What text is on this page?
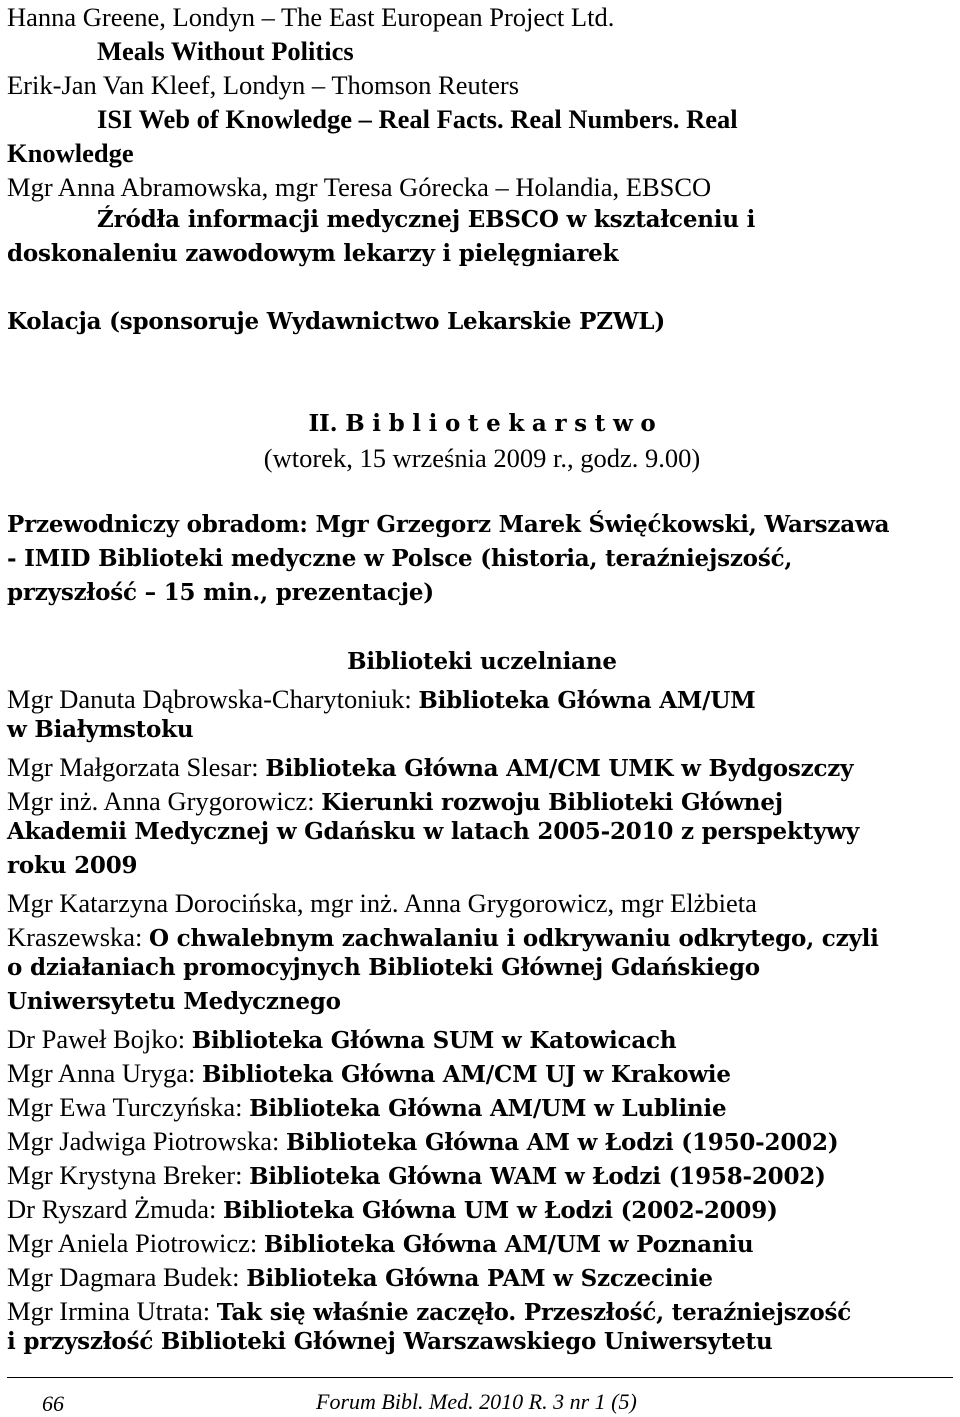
Hanna Greene, Londyn – The East European Project Ltd.
Meals Without Politics
Erik-Jan Van Kleef, Londyn – Thomson Reuters
ISI Web of Knowledge – Real Facts. Real Numbers. Real
Knowledge
Mgr Anna Abramowska, mgr Teresa Górecka – Holandia, EBSCO
Źródła informacji medycznej EBSCO w kształceniu i
doskonaleniu zawodowym lekarzy i pielęgniarek
Kolacja (sponsoruje Wydawnictwo Lekarskie PZWL)
II. B i b l i o t e k a r s t w o
(wtorek, 15 września 2009 r., godz. 9.00)
Przewodniczy obradom: Mgr Grzegorz Marek Święćkowski, Warszawa
- IMID Biblioteki medyczne w Polsce (historia, teraźniejszość,
przyszłość – 15 min., prezentacje)
Biblioteki uczelniane
Mgr Danuta Dąbrowska-Charytoniuk: Biblioteka Główna AM/UM
w Białymstoku
Mgr Małgorzata Slesar: Biblioteka Główna AM/CM UMK w Bydgoszczy
Mgr inż. Anna Grygorowicz: Kierunki rozwoju Biblioteki Głównej
Akademii Medycznej w Gdańsku w latach 2005-2010 z perspektywy
roku 2009
Mgr Katarzyna Dorocińska, mgr inż. Anna Grygorowicz, mgr Elżbieta
Kraszewska: O chwalebnym zachwalaniu i odkrywaniu odkrytego, czyli
o działaniach promocyjnych Biblioteki Głównej Gdańskiego
Uniwersytetu Medycznego
Dr Paweł Bojko: Biblioteka Główna SUM w Katowicach
Mgr Anna Uryga: Biblioteka Główna AM/CM UJ w Krakowie
Mgr Ewa Turczyńska: Biblioteka Główna AM/UM w Lublinie
Mgr Jadwiga Piotrowska: Biblioteka Główna AM w Łodzi (1950-2002)
Mgr Krystyna Breker: Biblioteka Główna WAM w Łodzi (1958-2002)
Dr Ryszard Żmuda: Biblioteka Główna UM w Łodzi (2002-2009)
Mgr Aniela Piotrowicz: Biblioteka Główna AM/UM w Poznaniu
Mgr Dagmara Budek: Biblioteka Główna PAM w Szczecinie
Mgr Irmina Utrata: Tak się właśnie zaczęło. Przeszłość, teraźniejszość
i przyszłość Biblioteki Głównej Warszawskiego Uniwersytetu
66	Forum Bibl. Med. 2010 R. 3 nr 1 (5)
